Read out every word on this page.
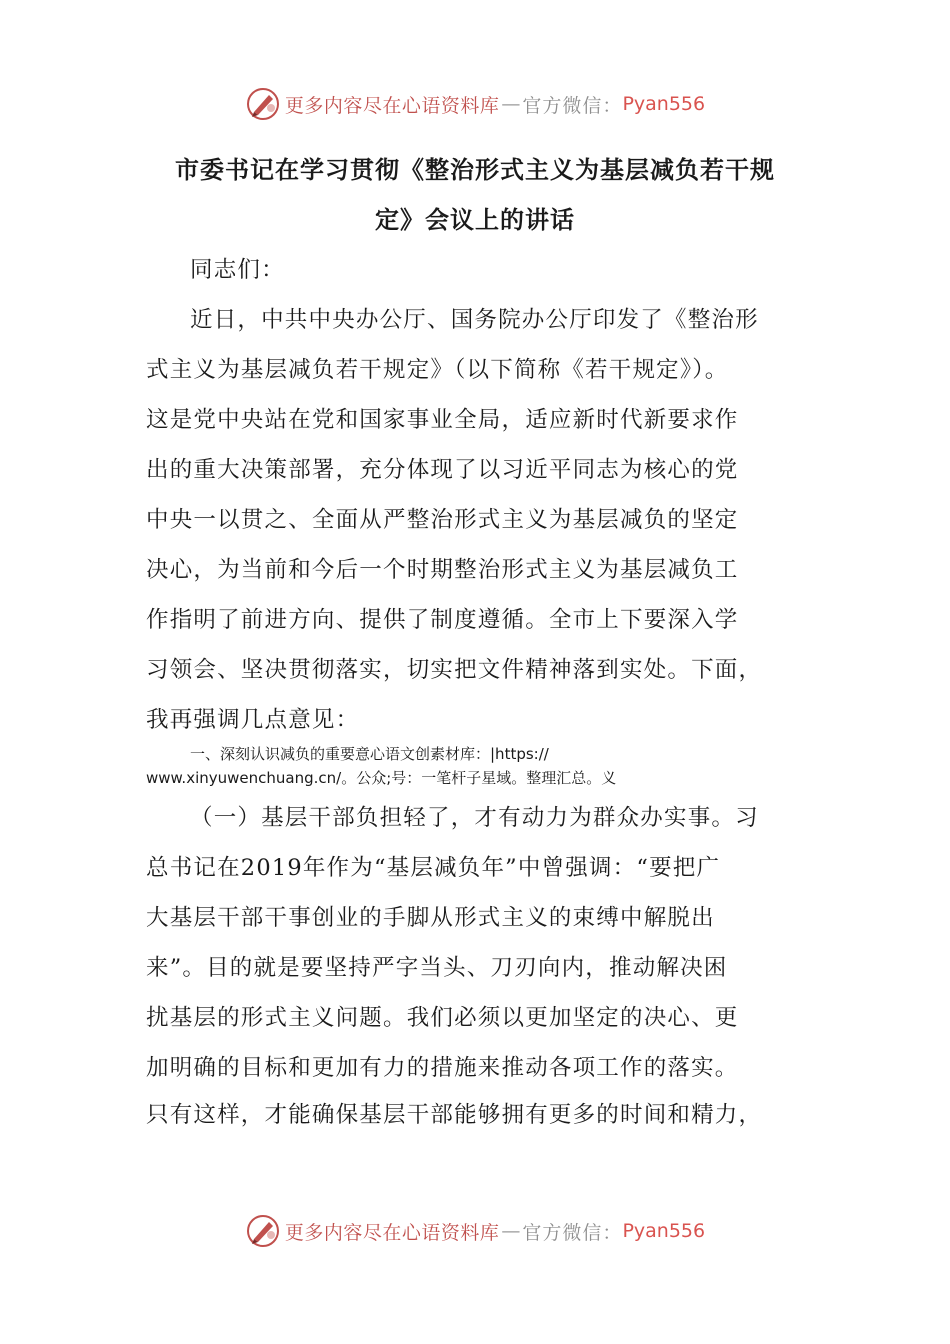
更多内容尽在心语资料库 — 官方微信： Pyan556
市委书记在学习贯彻《整治形式主义为基层减负若干规
定》会议上的讲话
同志们：
近日，中共中央办公厅、国务院办公厅印发了《整治形
式主义为基层减负若干规定》（以下简称《若干规定》）。
这是党中央站在党和国家事业全局，适应新时代新要求作
出的重大决策部署，充分体现了以习近平同志为核心的党
中央一以贯之、全面从严整治形式主义为基层减负的坚定
决心，为当前和今后一个时期整治形式主义为基层减负工
作指明了前进方向、提供了制度遵循。全市上下要深入学
习领会、坚决贯彻落实，切实把文件精神落到实处。下面，
我再强调几点意见：
一、深刻认识减负的重要意心语文创素材库：|https://
www.xinyuwenchuang.cn/。公众;号：一笔杆子星域。整理汇总。义
（一）基层干部负担轻了，才有动力为群众办实事。习
总书记在2019年作为“基层减负年”中曾强调：“要把广
大基层干部干事创业的手脚从形式主义的束缚中解脱出
来”。目的就是要坚持严字当头、刀刃向内，推动解决困
扰基层的形式主义问题。我们必须以更加坚定的决心、更
加明确的目标和更加有力的措施来推动各项工作的落实。
只有这样，才能确保基层干部能够拥有更多的时间和精力，
更多内容尽在心语资料库 — 官方微信： Pyan556
